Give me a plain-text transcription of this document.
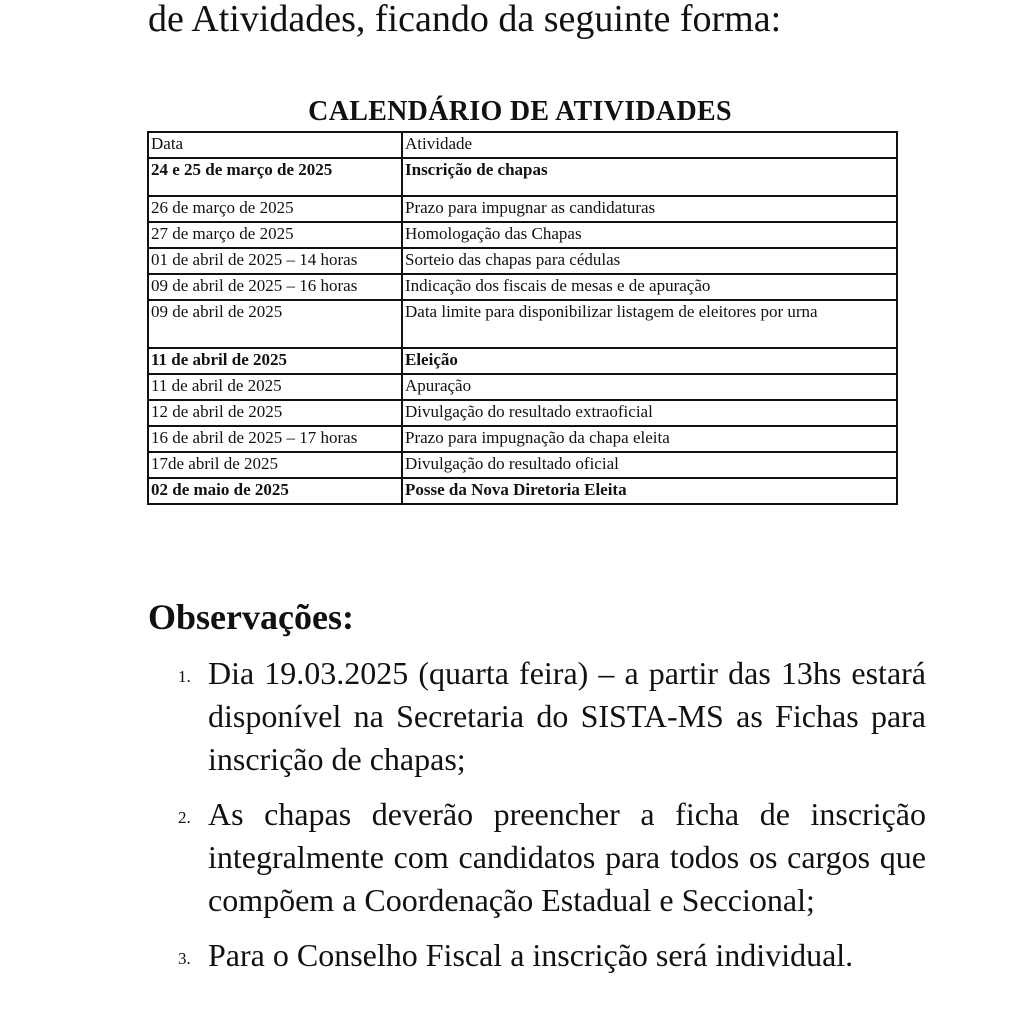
de Atividades, ficando da seguinte forma:
CALENDÁRIO DE ATIVIDADES
Data	Atividade
24 e 25 de março de 2025	Inscrição de chapas
26 de março de 2025	Prazo para impugnar as candidaturas
27 de março de 2025	Homologação das Chapas
01 de abril de 2025 – 14 horas	Sorteio das chapas para cédulas
09 de abril de 2025 – 16 horas	Indicação dos fiscais de mesas e de apuração
09 de abril de 2025	Data limite para disponibilizar listagem de eleitores por urna
11 de abril de 2025	Eleição
11 de abril de 2025	Apuração
12 de abril de 2025	Divulgação do resultado extraoficial
16 de abril de 2025 – 17 horas	Prazo para impugnação da chapa eleita
17de abril de 2025	Divulgação do resultado oficial
02 de maio de 2025	Posse da Nova Diretoria Eleita
Observações:
1. Dia 19.03.2025 (quarta feira) – a partir das 13hs estará disponível na Secretaria do SISTA-MS as Fichas para inscrição de chapas;
2. As chapas deverão preencher a ficha de inscrição integralmente com candidatos para todos os cargos que compõem a Coordenação Estadual e Seccional;
3. Para o Conselho Fiscal a inscrição será individual.
